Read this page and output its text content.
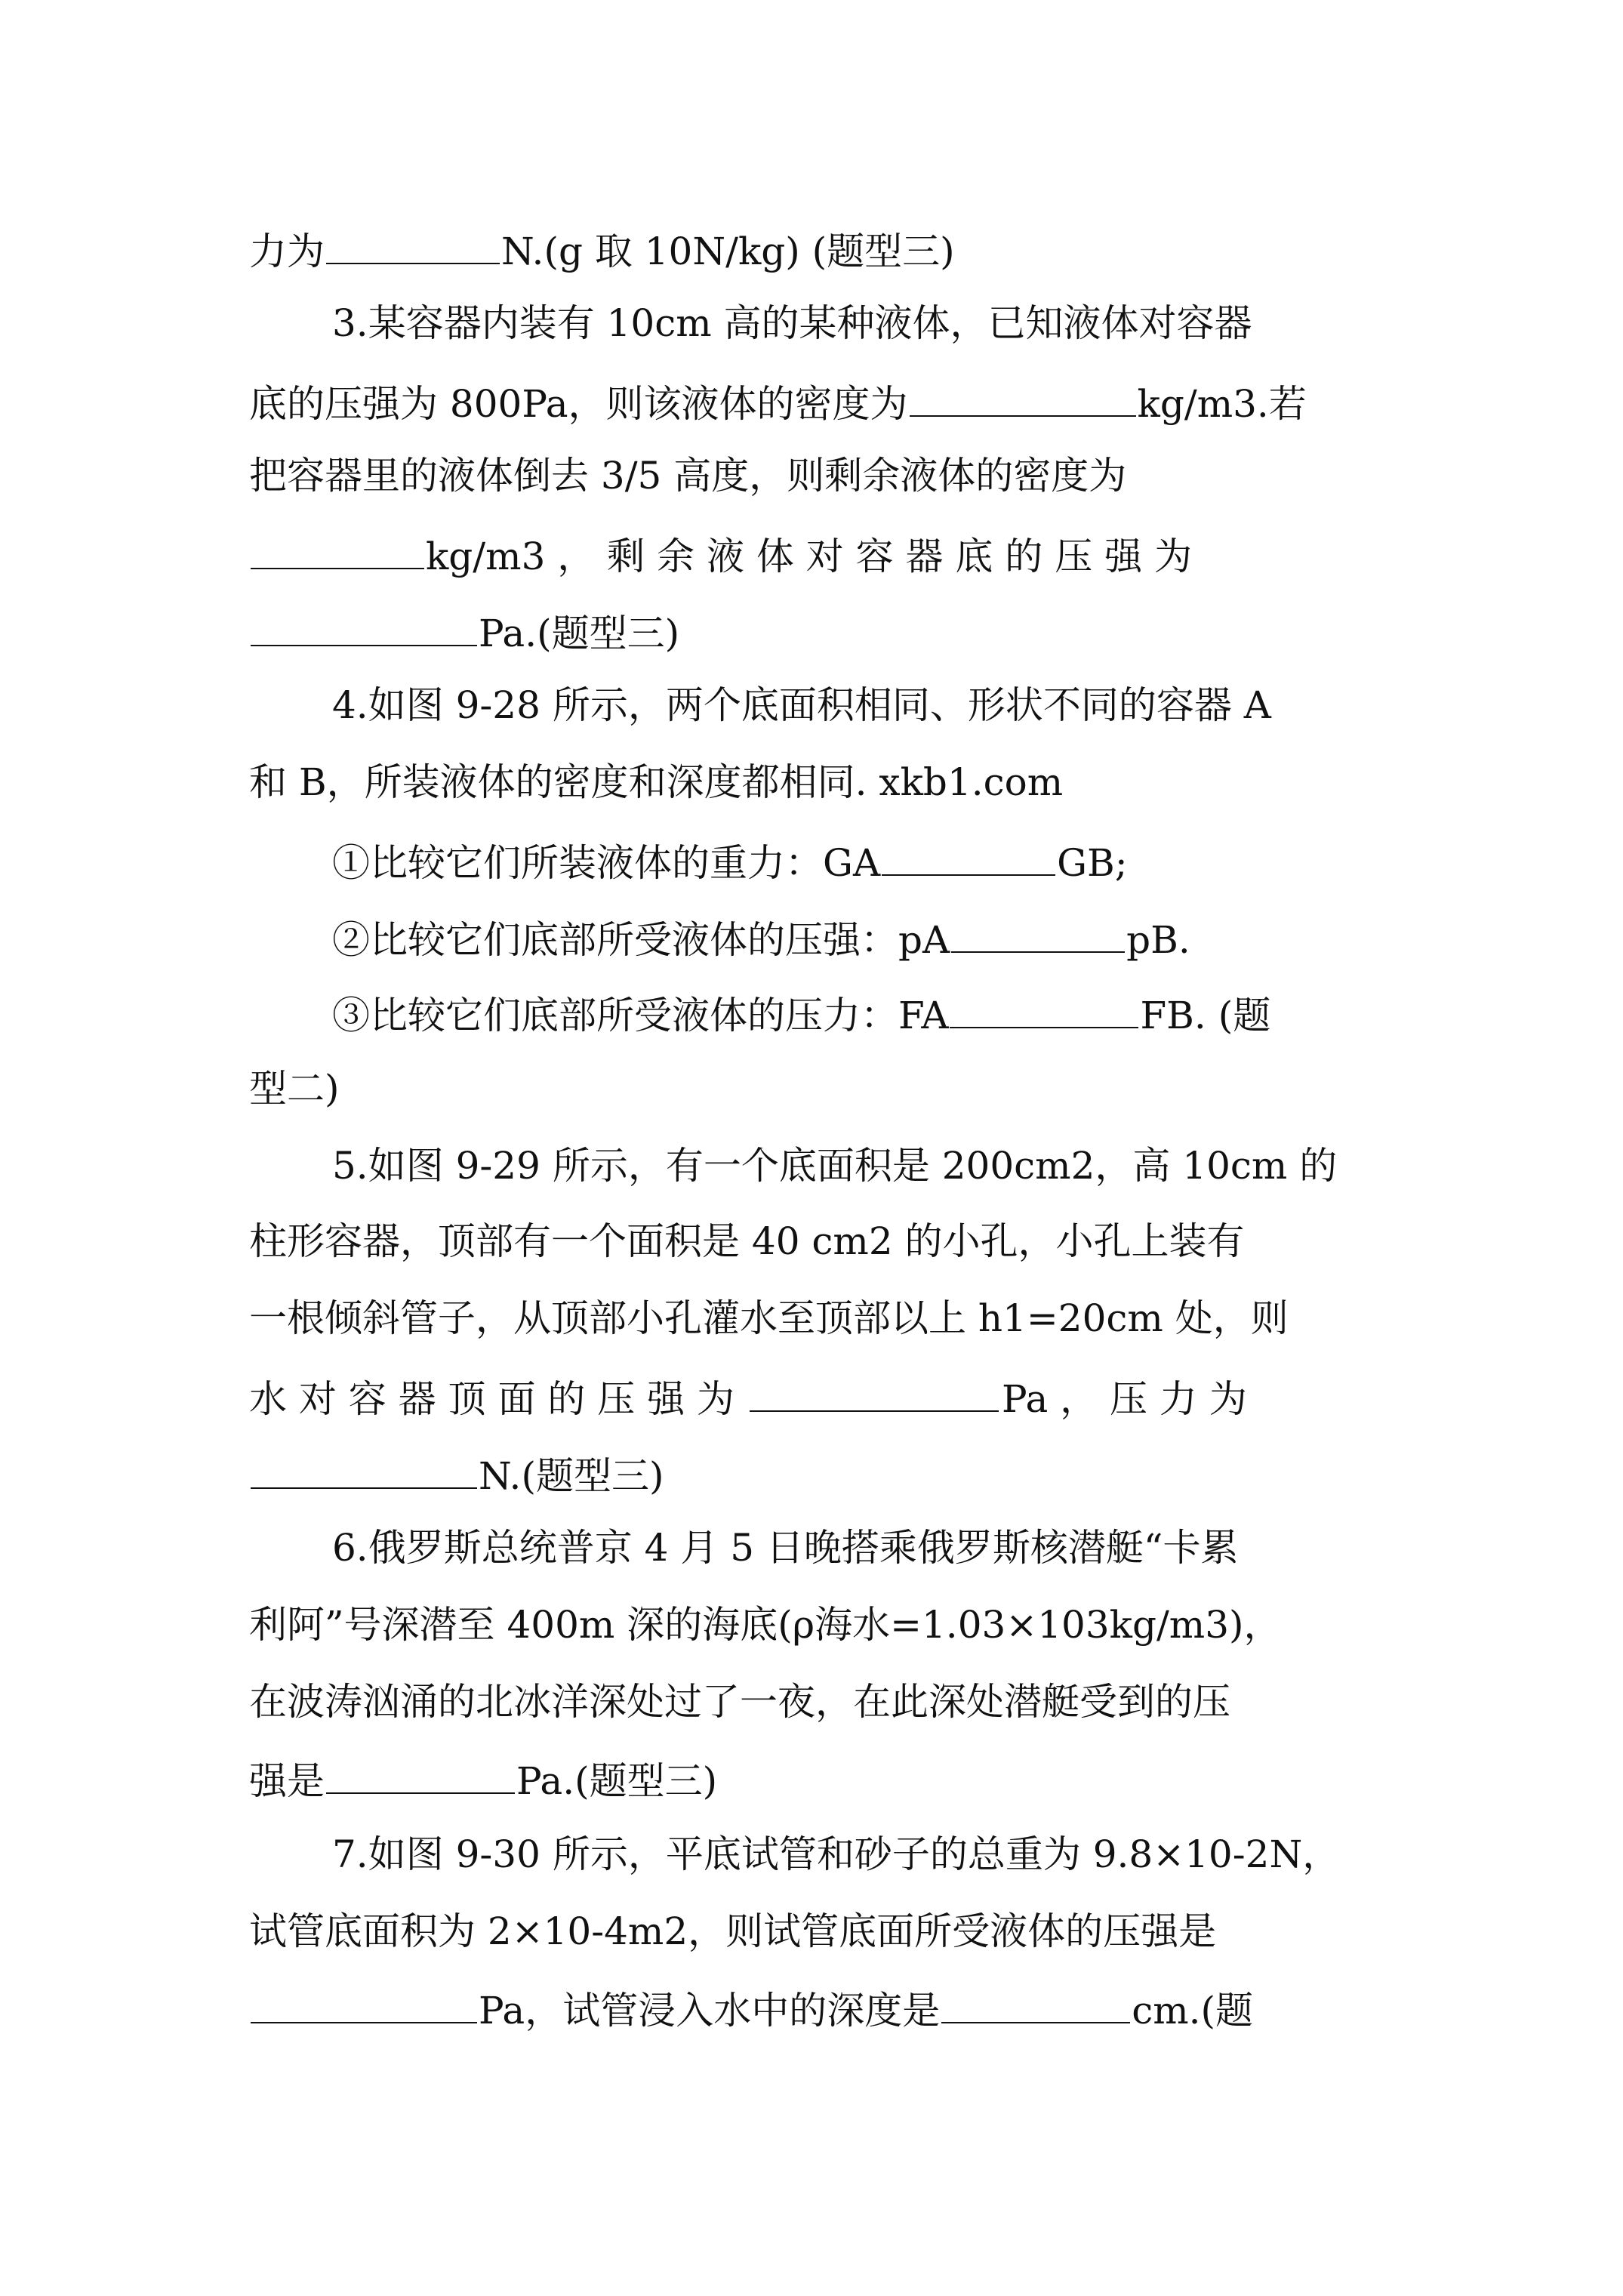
力为	N.(g 取 10N/kg) (题型三)
3.某容器内装有 10cm 高的某种液体，已知液体对容器
底的压强为 800Pa，则该液体的密度为	kg/m3.若
把容器里的液体倒去 3/5 高度，则剩余液体的密度为
kg/m3 ， 剩 余 液 体 对 容 器 底 的 压 强 为
Pa.(题型三)
4.如图 9-28 所示，两个底面积相同、形状不同的容器 A
和 B，所装液体的密度和深度都相同. xkb1.com
①比较它们所装液体的重力：GA	GB;
②比较它们底部所受液体的压强：pA	pB.
③比较它们底部所受液体的压力：FA	FB. (题
型二)
5.如图 9-29 所示，有一个底面积是 200cm2，高 10cm 的
柱形容器，顶部有一个面积是 40 cm2 的小孔，小孔上装有
一根倾斜管子，从顶部小孔灌水至顶部以上 h1=20cm 处，则
水 对 容 器 顶 面 的 压 强 为	Pa ， 压 力 为
N.(题型三)
6.俄罗斯总统普京 4 月 5 日晚搭乘俄罗斯核潜艇“卡累
利阿”号深潜至 400m 深的海底(ρ海水=1.03×103kg/m3)，
在波涛汹涌的北冰洋深处过了一夜，在此深处潜艇受到的压
强是	Pa.(题型三)
7.如图 9-30 所示，平底试管和砂子的总重为 9.8×10-2N，
试管底面积为 2×10-4m2，则试管底面所受液体的压强是
Pa，试管浸入水中的深度是	cm.(题
